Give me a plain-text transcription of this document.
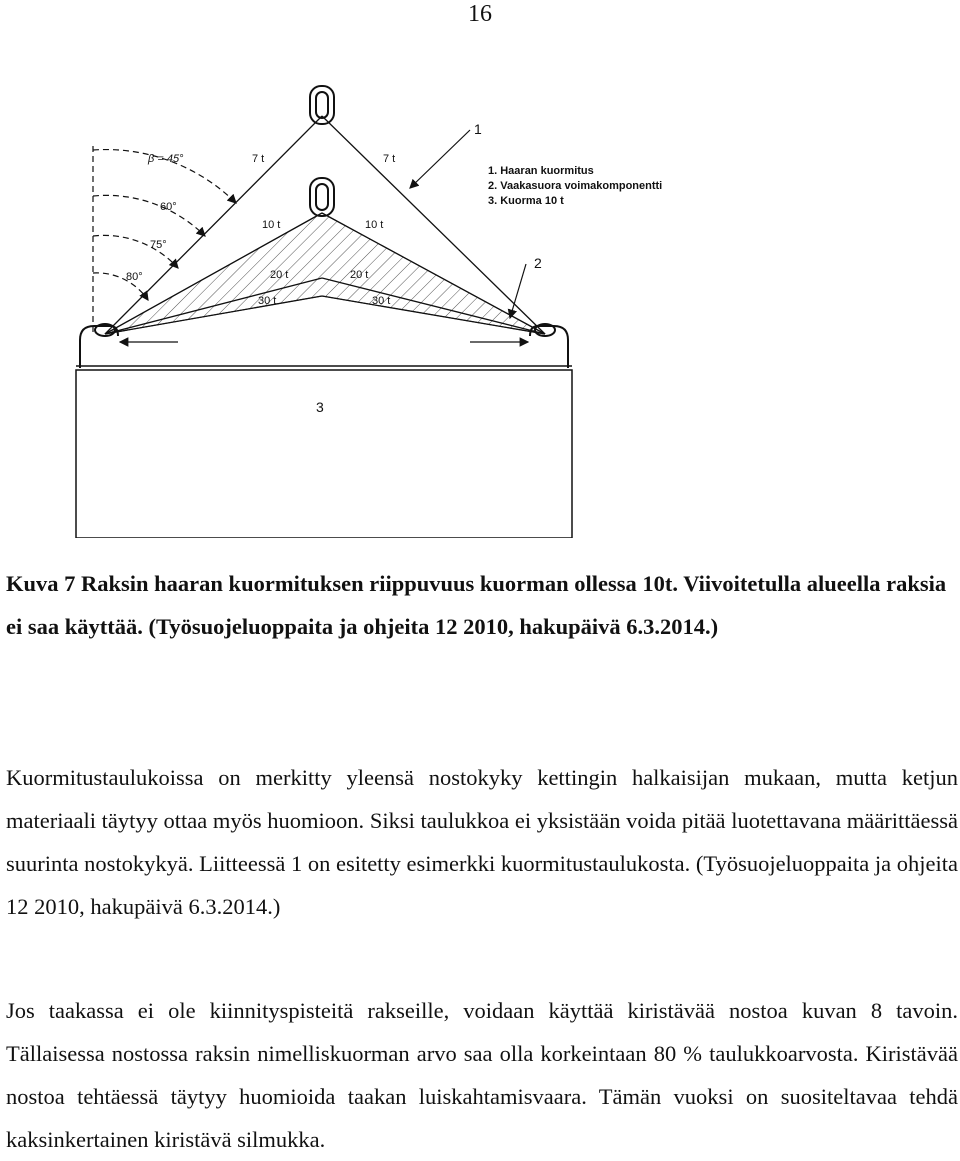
16
β = 45°
60°
75°
80°
7 t	7 t
10 t	10 t
20 t	20 t
30 t	30 t
1
2
3
1. Haaran kuormitus
2. Vaakasuora voimakomponentti
3. Kuorma 10 t

Kuva 7 Raksin haaran kuormituksen riippuvuus kuorman ollessa 10t. Viivoitetulla alueella raksia ei saa käyttää. (Työsuojeluoppaita ja ohjeita 12 2010, hakupäivä 6.3.2014.)

Kuormitustaulukoissa on merkitty yleensä nostokyky kettingin halkaisijan mukaan, mutta ketjun materiaali täytyy ottaa myös huomioon. Siksi taulukkoa ei yksistään voida pitää luotettavana määrittäessä suurinta nostokykyä. Liitteessä 1 on esitetty esimerkki kuormitustaulukosta. (Työsuojeluoppaita ja ohjeita 12 2010, hakupäivä 6.3.2014.)

Jos taakassa ei ole kiinnityspisteitä rakseille, voidaan käyttää kiristävää nostoa kuvan 8 tavoin. Tällaisessa nostossa raksin nimelliskuorman arvo saa olla korkeintaan 80 % taulukkoarvosta. Kiristävää nostoa tehtäessä täytyy huomioida taakan luiskahtamisvaara. Tämän vuoksi on suositeltavaa tehdä kaksinkertainen kiristävä silmukka.
